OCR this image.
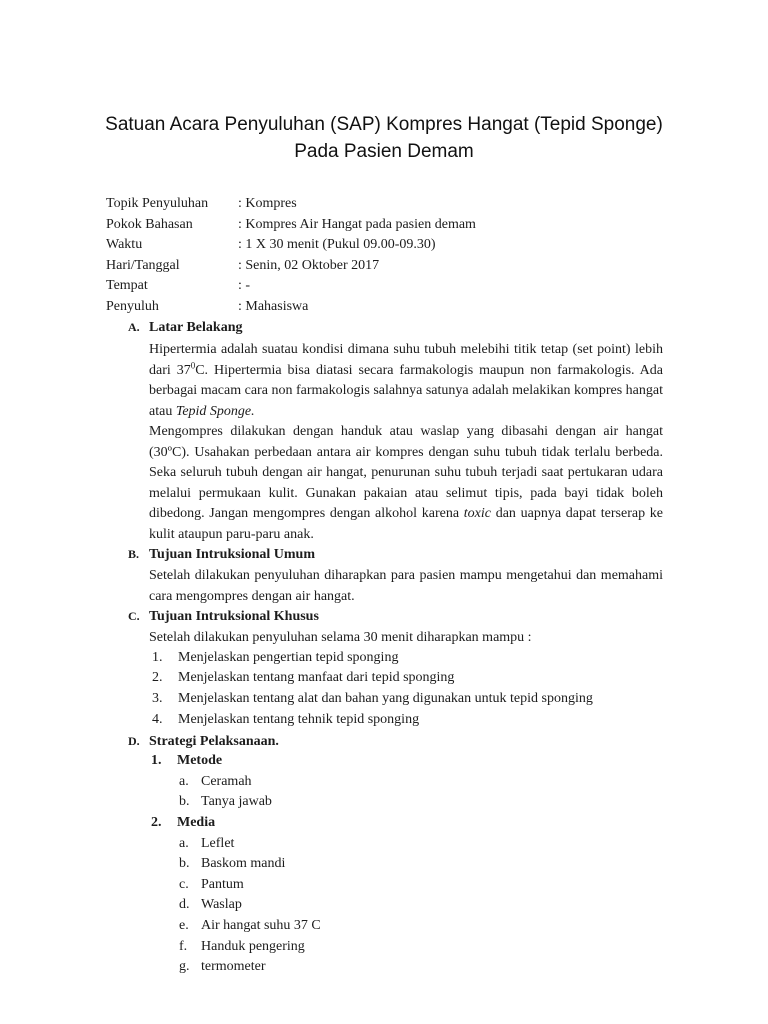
Satuan Acara Penyuluhan (SAP) Kompres Hangat (Tepid Sponge)
Pada Pasien Demam
Topik Penyuluhan : Kompres
Pokok Bahasan	: Kompres Air Hangat pada pasien demam
Waktu	: 1 X 30 menit (Pukul 09.00-09.30)
Hari/Tanggal	: Senin, 02 Oktober 2017
Tempat	: -
Penyuluh	: Mahasiswa
A. Latar Belakang
Hipertermia adalah suatau kondisi dimana suhu tubuh melebihi titik tetap (set point) lebih dari $37^0C$. Hipertermia bisa diatasi secara farmakologis maupun non farmakologis. Ada berbagai macam cara non farmakologis salahnya satunya adalah melakikan kompres hangat atau Tepid Sponge.
Mengompres dilakukan dengan handuk atau waslap yang dibasahi dengan air hangat (30ºC). Usahakan perbedaan antara air kompres dengan suhu tubuh tidak terlalu berbeda. Seka seluruh tubuh dengan air hangat, penurunan suhu tubuh terjadi saat pertukaran udara melalui permukaan kulit. Gunakan pakaian atau selimut tipis, pada bayi tidak boleh dibedong. Jangan mengompres dengan alkohol karena toxic dan uapnya dapat terserap ke kulit ataupun paru-paru anak.
B. Tujuan Intruksional Umum
Setelah dilakukan penyuluhan diharapkan para pasien mampu mengetahui dan memahami cara mengompres dengan air hangat.
C. Tujuan Intruksional Khusus
Setelah dilakukan penyuluhan selama 30 menit diharapkan mampu :
1. Menjelaskan pengertian tepid sponging
2. Menjelaskan tentang manfaat dari tepid sponging
3. Menjelaskan tentang alat dan bahan yang digunakan untuk tepid sponging
4. Menjelaskan tentang tehnik tepid sponging
D. Strategi Pelaksanaan.
1. Metode
a. Ceramah
b. Tanya jawab
2. Media
a. Leflet
b. Baskom mandi
c. Pantum
d. Waslap
e. Air hangat suhu 37 C
f. Handuk pengering
g. termometer
